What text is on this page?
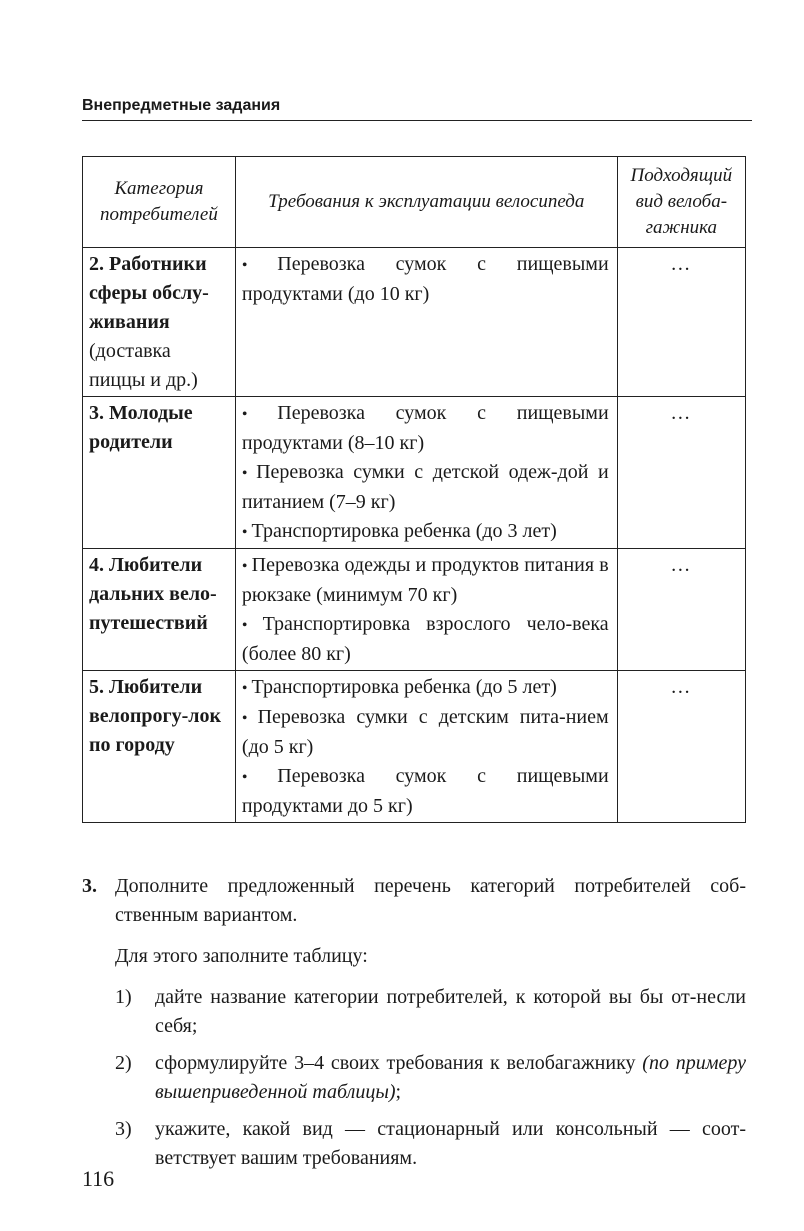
Внепредметные задания
Категория потребителей	Требования к эксплуатации велосипеда	Подходящий вид велоба-гажника
2. Работники сферы обслу-живания (доставка пиццы и др.)	• Перевозка сумок с пищевыми продуктами (до 10 кг)	…

3. Молодые родители	• Перевозка сумок с пищевыми продуктами (8–10 кг)
• Перевозка сумки с детской одеж-дой и питанием (7–9 кг)
• Транспортировка ребенка (до 3 лет)	…

4. Любители дальних вело-путешествий	• Перевозка одежды и продуктов питания в рюкзаке (минимум 70 кг)
• Транспортировка взрослого чело-века (более 80 кг)	…

5. Любители велопрогу-лок по городу	• Транспортировка ребенка (до 5 лет)
• Перевозка сумки с детским пита-нием (до 5 кг)
• Перевозка сумок с пищевыми продуктами до 5 кг)	…
3. Дополните предложенный перечень категорий потребителей соб-ственным вариантом.
Для этого заполните таблицу:
1) дайте название категории потребителей, к которой вы бы от-несли себя;
2) сформулируйте 3–4 своих требования к велобагажнику (по примеру вышеприведенной таблицы);
3) укажите, какой вид — стационарный или консольный — соот-ветствует вашим требованиям.
116
